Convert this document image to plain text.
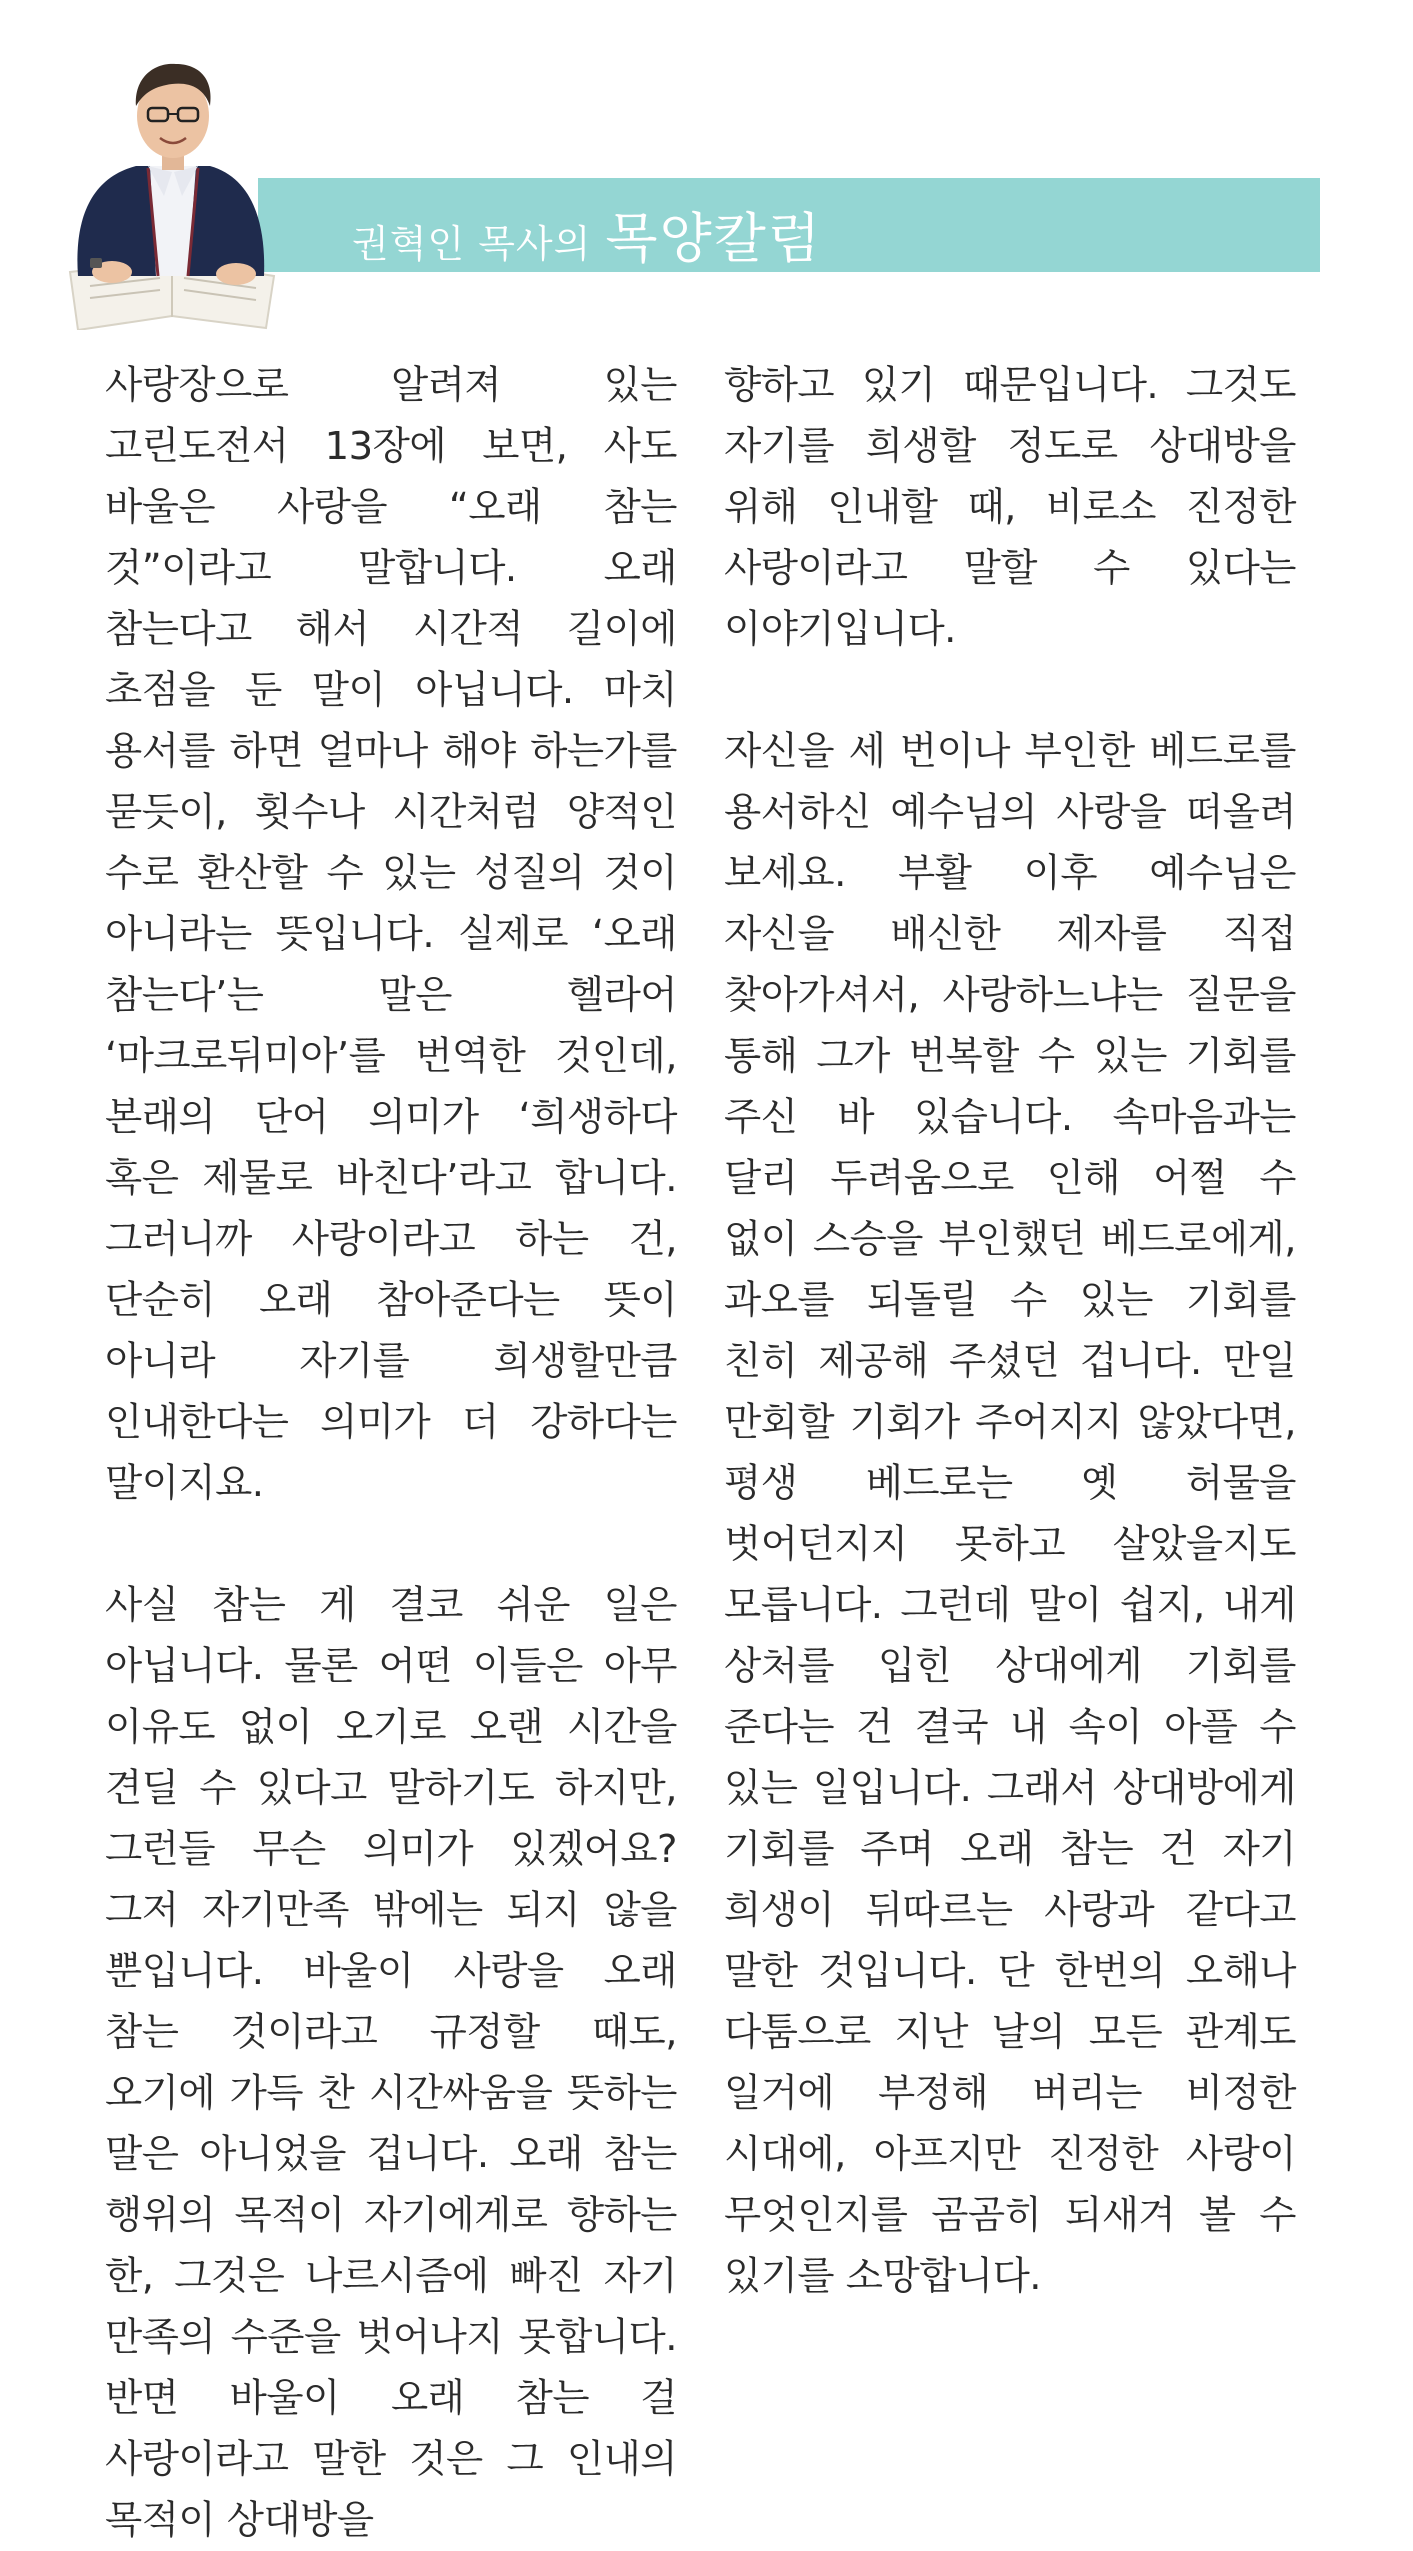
권혁인 목사의 목양칼럼

사랑장으로 알려져 있는 고린도전서 13장에 보면, 사도 바울은 사랑을 “오래 참는 것”이라고 말합니다. 오래 참는다고 해서 시간적 길이에 초점을 둔 말이 아닙니다. 마치 용서를 하면 얼마나 해야 하는가를 묻듯이, 횟수나 시간처럼 양적인 수로 환산할 수 있는 성질의 것이 아니라는 뜻입니다. 실제로 ‘오래 참는다’는 말은 헬라어 ‘마크로뒤미아’를 번역한 것인데, 본래의 단어 의미가 ‘희생하다 혹은 제물로 바친다’라고 합니다. 그러니까 사랑이라고 하는 건, 단순히 오래 참아준다는 뜻이 아니라 자기를 희생할만큼 인내한다는 의미가 더 강하다는 말이지요.

사실 참는 게 결코 쉬운 일은 아닙니다. 물론 어떤 이들은 아무 이유도 없이 오기로 오랜 시간을 견딜 수 있다고 말하기도 하지만, 그런들 무슨 의미가 있겠어요? 그저 자기만족 밖에는 되지 않을 뿐입니다. 바울이 사랑을 오래 참는 것이라고 규정할 때도, 오기에 가득 찬 시간싸움을 뜻하는 말은 아니었을 겁니다. 오래 참는 행위의 목적이 자기에게로 향하는 한, 그것은 나르시즘에 빠진 자기 만족의 수준을 벗어나지 못합니다. 반면 바울이 오래 참는 걸 사랑이라고 말한 것은 그 인내의 목적이 상대방을

향하고 있기 때문입니다. 그것도 자기를 희생할 정도로 상대방을 위해 인내할 때, 비로소 진정한 사랑이라고 말할 수 있다는 이야기입니다.

자신을 세 번이나 부인한 베드로를 용서하신 예수님의 사랑을 떠올려 보세요. 부활 이후 예수님은 자신을 배신한 제자를 직접 찾아가셔서, 사랑하느냐는 질문을 통해 그가 번복할 수 있는 기회를 주신 바 있습니다. 속마음과는 달리 두려움으로 인해 어쩔 수 없이 스승을 부인했던 베드로에게, 과오를 되돌릴 수 있는 기회를 친히 제공해 주셨던 겁니다. 만일 만회할 기회가 주어지지 않았다면, 평생 베드로는 옛 허물을 벗어던지지 못하고 살았을지도 모릅니다. 그런데 말이 쉽지, 내게 상처를 입힌 상대에게 기회를 준다는 건 결국 내 속이 아플 수 있는 일입니다. 그래서 상대방에게 기회를 주며 오래 참는 건 자기 희생이 뒤따르는 사랑과 같다고 말한 것입니다. 단 한번의 오해나 다툼으로 지난 날의 모든 관계도 일거에 부정해 버리는 비정한 시대에, 아프지만 진정한 사랑이 무엇인지를 곰곰히 되새겨 볼 수 있기를 소망합니다.
